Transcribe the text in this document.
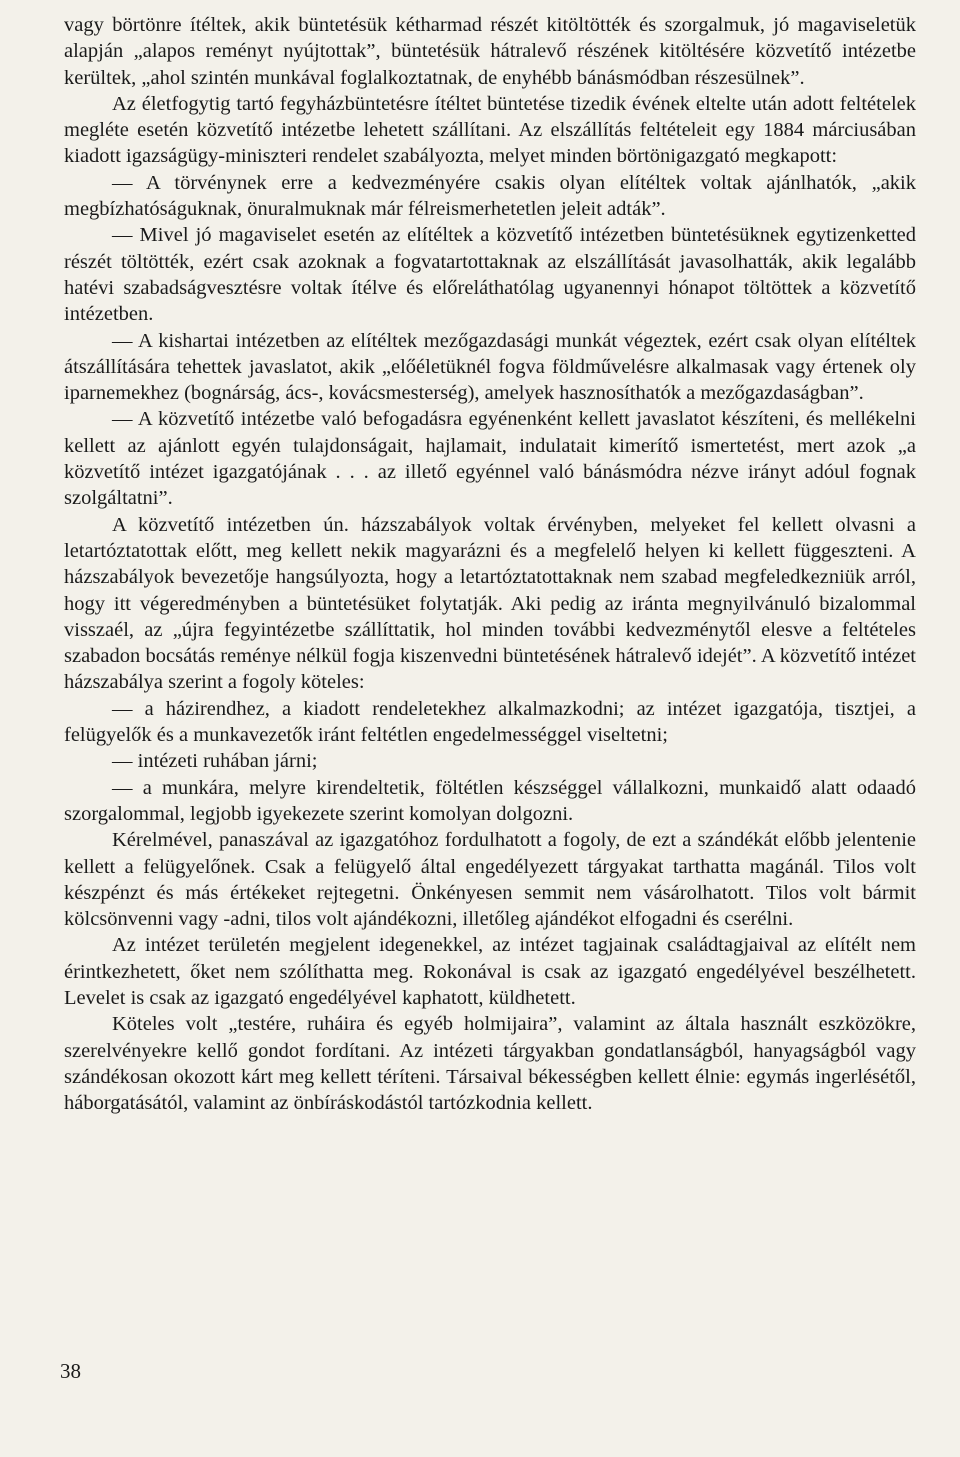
vagy börtönre ítéltek, akik büntetésük kétharmad részét kitöltötték és szorgalmuk, jó magaviseletük alapján „alapos reményt nyújtottak”, büntetésük hátralevő részének kitöltésére közvetítő intézetbe kerültek, „ahol szintén munkával foglalkoztatnak, de enyhébb bánásmódban részesülnek”.

Az életfogytig tartó fegyházbüntetésre ítéltet büntetése tizedik évének eltelte után adott feltételek megléte esetén közvetítő intézetbe lehetett szállítani. Az elszállítás feltételeit egy 1884 márciusában kiadott igazságügy-miniszteri rendelet szabályozta, melyet minden börtönigazgató megkapott:

— A törvénynek erre a kedvezményére csakis olyan elítéltek voltak ajánlhatók, „akik megbízhatóságuknak, önuralmuknak már félreismerhetetlen jeleit adták”.

— Mivel jó magaviselet esetén az elítéltek a közvetítő intézetben büntetésüknek egytizenketted részét töltötték, ezért csak azoknak a fogvatartottaknak az elszállítását javasolhatták, akik legalább hatévi szabadságvesztésre voltak ítélve és előreláthatólag ugyanennyi hónapot töltöttek a közvetítő intézetben.

— A kishartai intézetben az elítéltek mezőgazdasági munkát végeztek, ezért csak olyan elítéltek átszállítására tehettek javaslatot, akik „előéletüknél fogva földművelésre alkalmasak vagy értenek oly iparnemekhez (bognárság, ács-, kovácsmesterség), amelyek hasznosíthatók a mezőgazdaságban”.

— A közvetítő intézetbe való befogadásra egyénenként kellett javaslatot készíteni, és mellékelni kellett az ajánlott egyén tulajdonságait, hajlamait, indulatait kimerítő ismertetést, mert azok „a közvetítő intézet igazgatójának . . . az illető egyénnel való bánásmódra nézve irányt adóul fognak szolgáltatni”.

A közvetítő intézetben ún. házszabályok voltak érvényben, melyeket fel kellett olvasni a letartóztatottak előtt, meg kellett nekik magyarázni és a megfelelő helyen ki kellett függeszteni. A házszabályok bevezetője hangsúlyozta, hogy a letartóztatottaknak nem szabad megfeledkezniük arról, hogy itt végeredményben a büntetésüket folytatják. Aki pedig az iránta megnyilvánuló bizalommal visszaél, az „újra fegyintézetbe szállíttatik, hol minden további kedvezménytől elesve a feltételes szabadon bocsátás reménye nélkül fogja kiszenvedni büntetésének hátralevő idejét”. A közvetítő intézet házszabálya szerint a fogoly köteles:

— a házirendhez, a kiadott rendeletekhez alkalmazkodni; az intézet igazgatója, tisztjei, a felügyelők és a munkavezetők iránt feltétlen engedelmességgel viseltetni;

— intézeti ruhában járni;

— a munkára, melyre kirendeltetik, föltétlen készséggel vállalkozni, munkaidő alatt odaadó szorgalommal, legjobb igyekezete szerint komolyan dolgozni.

Kérelmével, panaszával az igazgatóhoz fordulhatott a fogoly, de ezt a szándékát előbb jelentenie kellett a felügyelőnek. Csak a felügyelő által engedélyezett tárgyakat tarthatta magánál. Tilos volt készpénzt és más értékeket rejtegetni. Önkényesen semmit nem vásárolhatott. Tilos volt bármit kölcsönvenni vagy -adni, tilos volt ajándékozni, illetőleg ajándékot elfogadni és cserélni.

Az intézet területén megjelent idegenekkel, az intézet tagjainak családtagjaival az elítélt nem érintkezhetett, őket nem szólíthatta meg. Rokonával is csak az igazgató engedélyével beszélhetett. Levelet is csak az igazgató engedélyével kaphatott, küldhetett.

Köteles volt „testére, ruháira és egyéb holmijaira”, valamint az általa használt eszközökre, szerelvényekre kellő gondot fordítani. Az intézeti tárgyakban gondatlanságból, hanyagságból vagy szándékosan okozott kárt meg kellett téríteni. Társaival békességben kellett élnie: egymás ingerlésétől, háborgatásától, valamint az önbíráskodástól tartózkodnia kellett.

38
